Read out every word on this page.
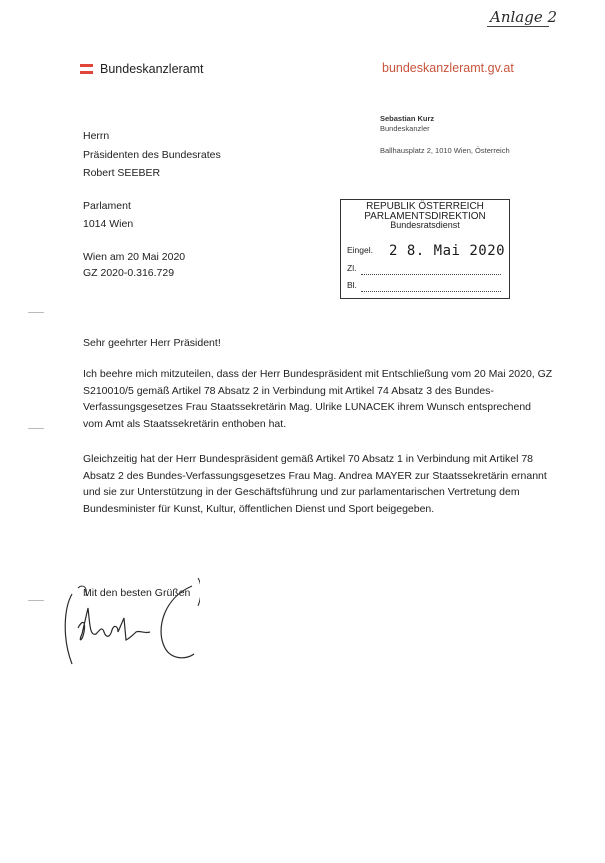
Anlage 2
Bundeskanzleramt	bundeskanzleramt.gv.at
Sebastian Kurz
Bundeskanzler
Ballhausplatz 2, 1010 Wien, Österreich
Herrn
Präsidenten des Bundesrates
Robert SEEBER
Parlament
1014 Wien
Wien am 20 Mai 2020
GZ 2020-0.316.729
REPUBLIK ÖSTERREICH
PARLAMENTSDIREKTION
Bundesratsdienst
Eingel. 2 8. Mai 2020
Zl.
Bl.
Sehr geehrter Herr Präsident!
Ich beehre mich mitzuteilen, dass der Herr Bundespräsident mit Entschließung vom 20 Mai 2020, GZ S210010/5 gemäß Artikel 78 Absatz 2 in Verbindung mit Artikel 74 Absatz 3 des Bundes-Verfassungsgesetzes Frau Staatssekretärin Mag. Ulrike LUNACEK ihrem Wunsch entsprechend vom Amt als Staatssekretärin enthoben hat.
Gleichzeitig hat der Herr Bundespräsident gemäß Artikel 70 Absatz 1 in Verbindung mit Artikel 78 Absatz 2 des Bundes-Verfassungsgesetzes Frau Mag. Andrea MAYER zur Staatssekretärin ernannt und sie zur Unterstützung in der Geschäftsführung und zur parlamentarischen Vertretung dem Bundesminister für Kunst, Kultur, öffentlichen Dienst und Sport beigegeben.
Mit den besten Grüßen
